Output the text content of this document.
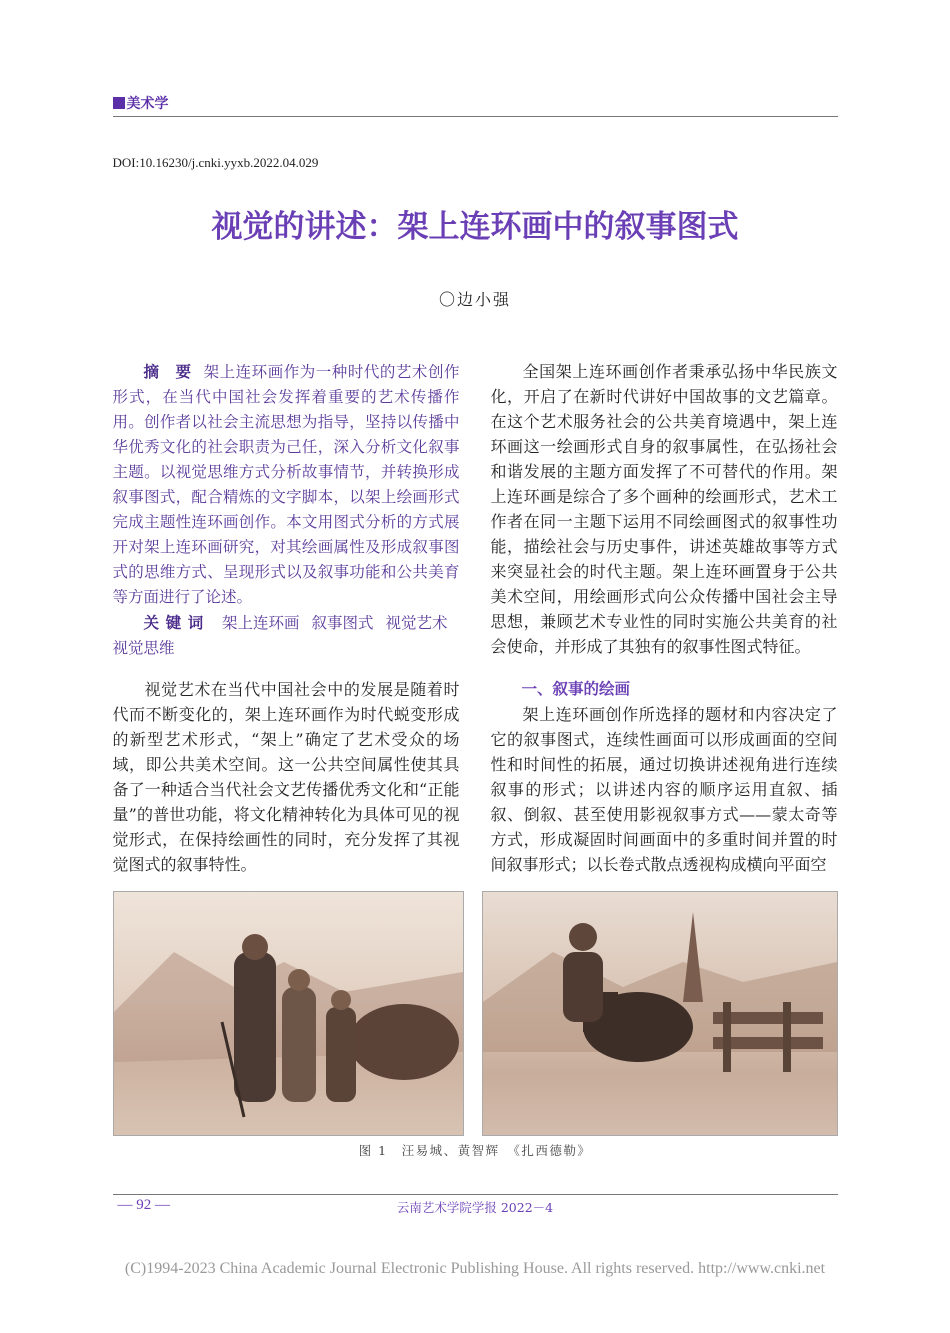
美术学
DOI:10.16230/j.cnki.yyxb.2022.04.029
视觉的讲述：架上连环画中的叙事图式
〇边小强

摘　要 架上连环画作为一种时代的艺术创作形式，在当代中国社会发挥着重要的艺术传播作用。创作者以社会主流思想为指导，坚持以传播中华优秀文化的社会职责为己任，深入分析文化叙事主题。以视觉思维方式分析故事情节，并转换形成叙事图式，配合精炼的文字脚本，以架上绘画形式完成主题性连环画创作。本文用图式分析的方式展开对架上连环画研究，对其绘画属性及形成叙事图式的思维方式、呈现形式以及叙事功能和公共美育等方面进行了论述。

关键词 架上连环画 叙事图式 视觉艺术视觉思维

全国架上连环画创作者秉承弘扬中华民族文化，开启了在新时代讲好中国故事的文艺篇章。在这个艺术服务社会的公共美育境遇中，架上连环画这一绘画形式自身的叙事属性，在弘扬社会和谐发展的主题方面发挥了不可替代的作用。架上连环画是综合了多个画种的绘画形式，艺术工作者在同一主题下运用不同绘画图式的叙事性功能，描绘社会与历史事件，讲述英雄故事等方式来突显社会的时代主题。架上连环画置身于公共美术空间，用绘画形式向公众传播中国社会主导思想，兼顾艺术专业性的同时实施公共美育的社会使命，并形成了其独有的叙事性图式特征。

视觉艺术在当代中国社会中的发展是随着时代而不断变化的，架上连环画作为时代蜕变形成的新型艺术形式，“架上”确定了艺术受众的场域，即公共美术空间。这一公共空间属性使其具备了一种适合当代社会文艺传播优秀文化和“正能量”的普世功能，将文化精神转化为具体可见的视觉形式，在保持绘画性的同时，充分发挥了其视觉图式的叙事特性。

一、叙事的绘画

架上连环画创作所选择的题材和内容决定了它的叙事图式，连续性画面可以形成画面的空间性和时间性的拓展，通过切换讲述视角进行连续叙事的形式；以讲述内容的顺序运用直叙、插叙、倒叙、甚至使用影视叙事方式——蒙太奇等方式，形成凝固时间画面中的多重时间并置的时间叙事形式；以长卷式散点透视构成横向平面空

图 1　汪易城、黄智辉　《扎西德勒》
— 92 —	云南艺术学院学报 2022－4
(C)1994-2023 China Academic Journal Electronic Publishing House. All rights reserved. http://www.cnki.net
